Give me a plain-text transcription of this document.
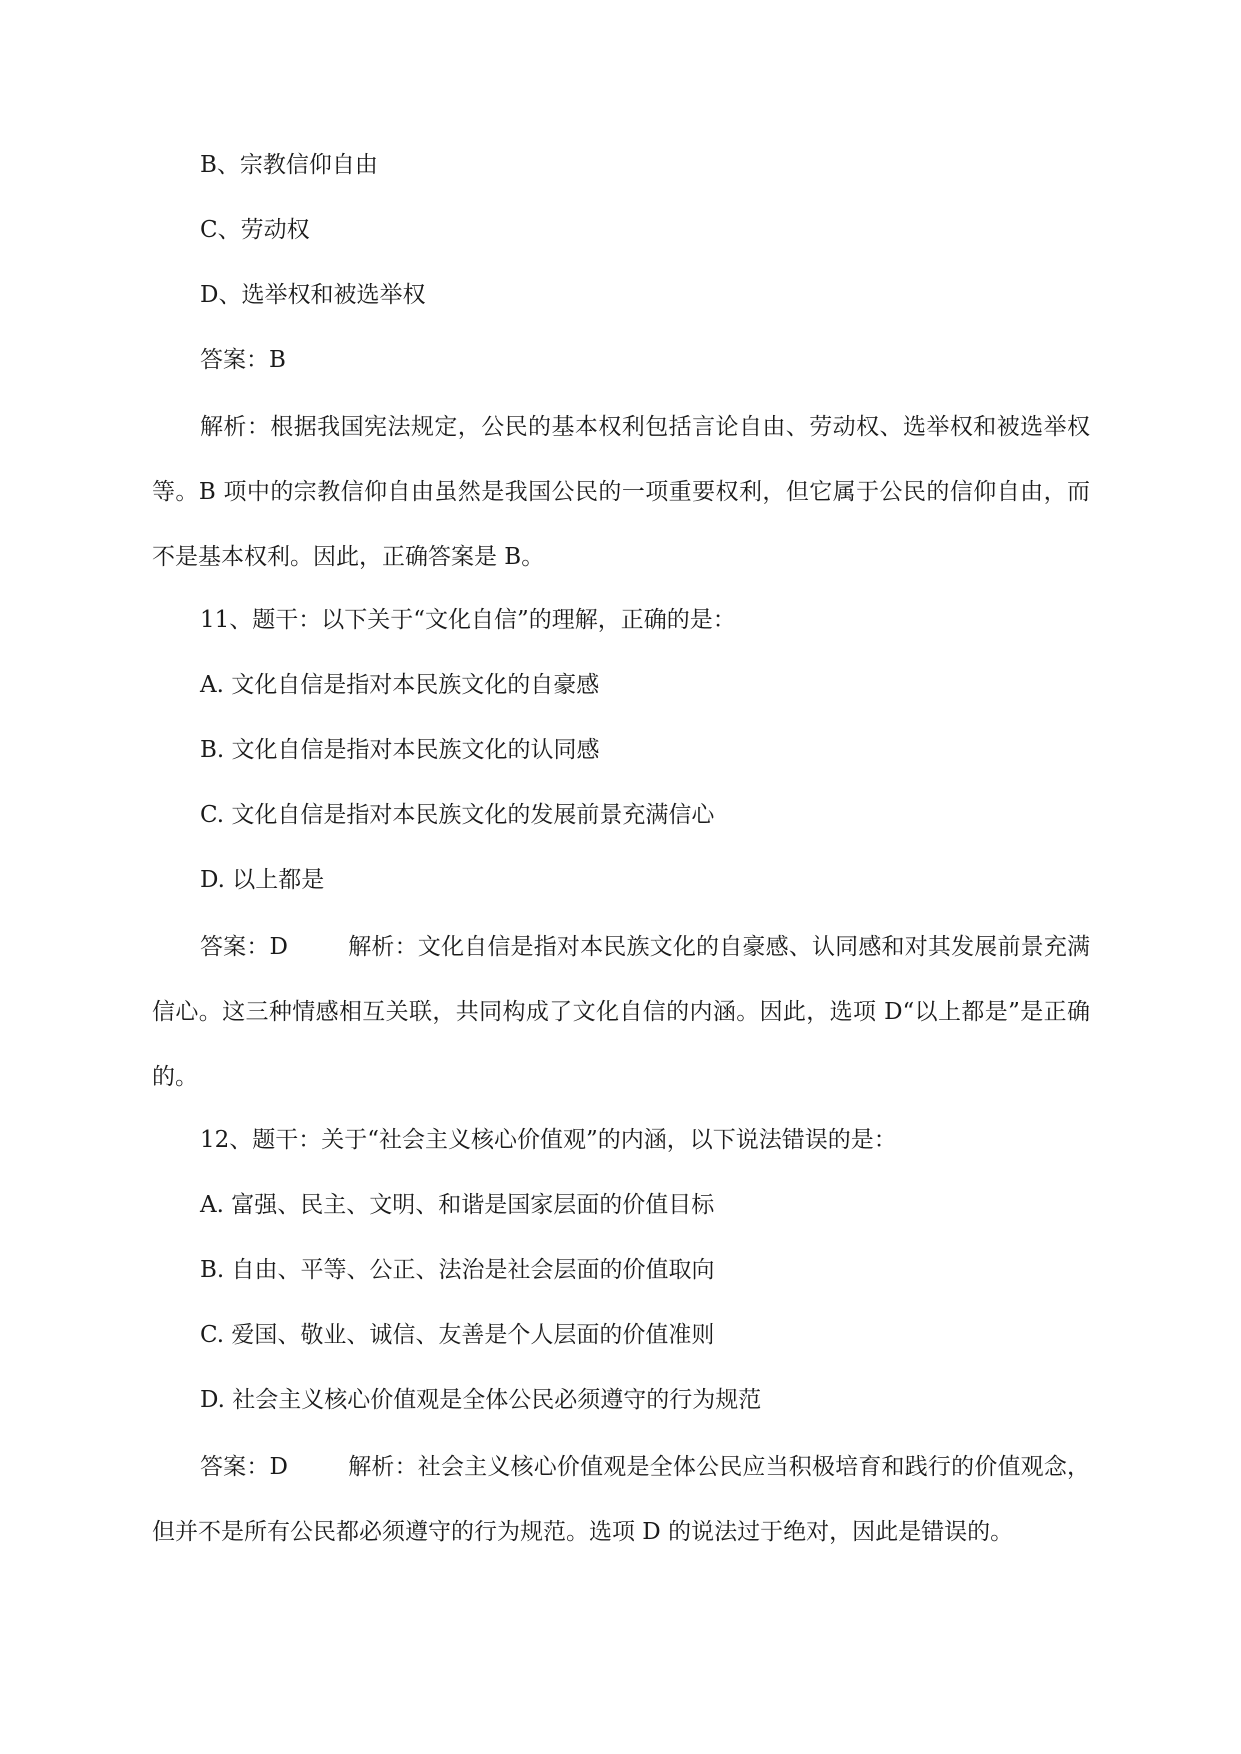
B、宗教信仰自由
C、劳动权
D、选举权和被选举权
答案：B
解析：根据我国宪法规定，公民的基本权利包括言论自由、劳动权、选举权和被选举权等。B 项中的宗教信仰自由虽然是我国公民的一项重要权利，但它属于公民的信仰自由，而不是基本权利。因此，正确答案是 B。
11、题干：以下关于“文化自信”的理解，正确的是：
A. 文化自信是指对本民族文化的自豪感
B. 文化自信是指对本民族文化的认同感
C. 文化自信是指对本民族文化的发展前景充满信心
D. 以上都是
答案：D	解析：文化自信是指对本民族文化的自豪感、认同感和对其发展前景充满信心。这三种情感相互关联，共同构成了文化自信的内涵。因此，选项 D“以上都是”是正确的。
12、题干：关于“社会主义核心价值观”的内涵，以下说法错误的是：
A. 富强、民主、文明、和谐是国家层面的价值目标
B. 自由、平等、公正、法治是社会层面的价值取向
C. 爱国、敬业、诚信、友善是个人层面的价值准则
D. 社会主义核心价值观是全体公民必须遵守的行为规范
答案：D	解析：社会主义核心价值观是全体公民应当积极培育和践行的价值观念，但并不是所有公民都必须遵守的行为规范。选项 D 的说法过于绝对，因此是错误的。
